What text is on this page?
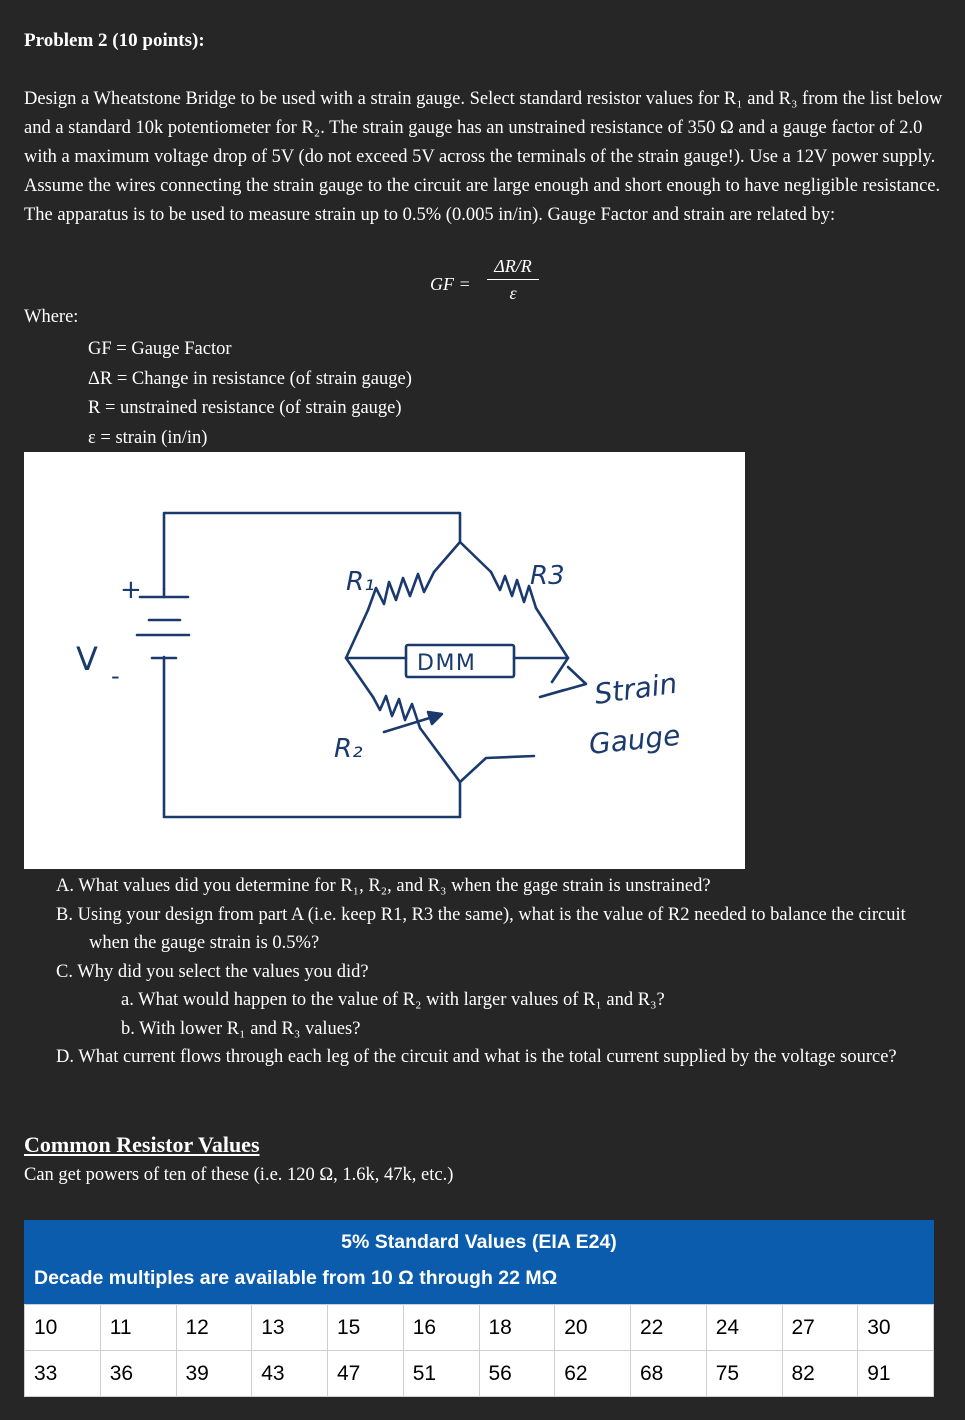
Problem 2 (10 points):
Design a Wheatstone Bridge to be used with a strain gauge. Select standard resistor values for R₁ and R₃ from the list below and a standard 10k potentiometer for R₂. The strain gauge has an unstrained resistance of 350 Ω and a gauge factor of 2.0 with a maximum voltage drop of 5V (do not exceed 5V across the terminals of the strain gauge!). Use a 12V power supply. Assume the wires connecting the strain gauge to the circuit are large enough and short enough to have negligible resistance. The apparatus is to be used to measure strain up to 0.5% (0.005 in/in). Gauge Factor and strain are related by:
GF = $\frac{\Delta R/R}{\varepsilon}$
Where:
GF = Gauge Factor
ΔR = Change in resistance (of strain gauge)
R = unstrained resistance (of strain gauge)
ε = strain (in/in)
+
V -
R₁
R₂
R3
DMM
Strain
Gauge
A. What values did you determine for R₁, R₂, and R₃ when the gage strain is unstrained?
B. Using your design from part A (i.e. keep R1, R3 the same), what is the value of R2 needed to balance the circuit when the gauge strain is 0.5%?
C. Why did you select the values you did?
a. What would happen to the value of R₂ with larger values of R₁ and R₃?
b. With lower R₁ and R₃ values?
D. What current flows through each leg of the circuit and what is the total current supplied by the voltage source?
Common Resistor Values
Can get powers of ten of these (i.e. 120 Ω, 1.6k, 47k, etc.)
5% Standard Values (EIA E24)
Decade multiples are available from 10 Ω through 22 MΩ
10	11	12	13	15	16	18	20	22	24	27	30
33	36	39	43	47	51	56	62	68	75	82	91
